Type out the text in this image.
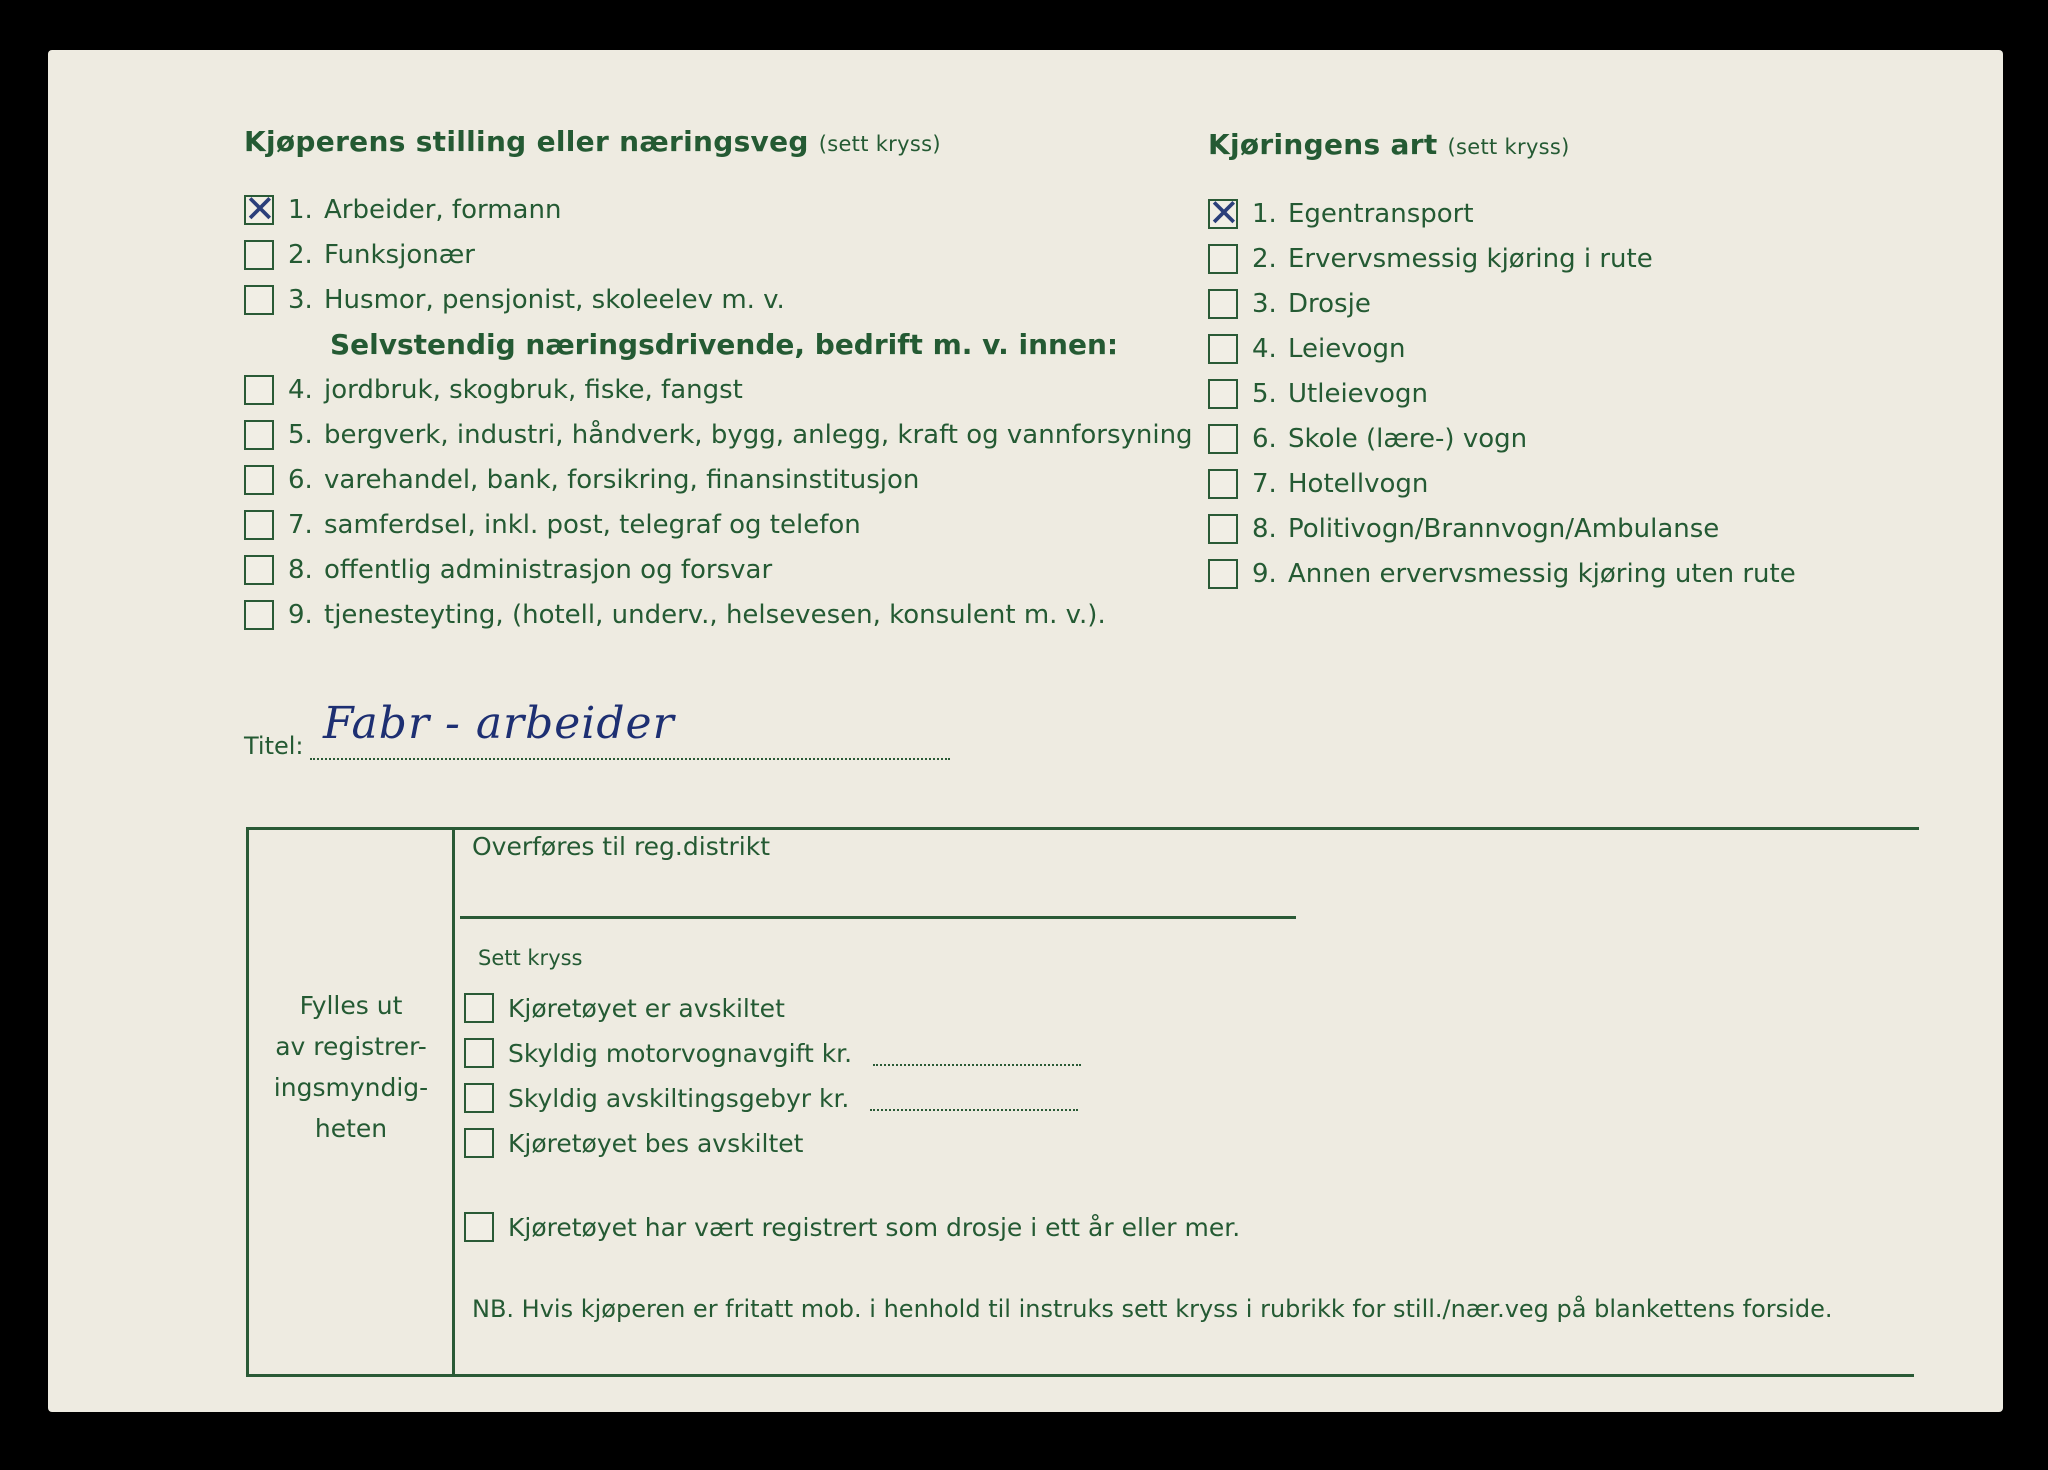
Kjøperens stilling eller næringsveg (sett kryss)
✕
1. Arbeider, formann
2. Funksjonær
3. Husmor, pensjonist, skoleelev m. v.
Selvstendig næringsdrivende, bedrift m. v. innen:
4. jordbruk, skogbruk, fiske, fangst
5. bergverk, industri, håndverk, bygg, anlegg, kraft og vannforsyning
6. varehandel, bank, forsikring, finansinstitusjon
7. samferdsel, inkl. post, telegraf og telefon
8. offentlig administrasjon og forsvar
9. tjenesteyting, (hotell, underv., helsevesen, konsulent m. v.).
Kjøringens art (sett kryss)
✕
1. Egentransport
2. Ervervsmessig kjøring i rute
3. Drosje
4. Leievogn
5. Utleievogn
6. Skole (lære-) vogn
7. Hotellvogn
8. Politivogn/Brannvogn/Ambulanse
9. Annen ervervsmessig kjøring uten rute
Titel: Fabr - arbeider
Fylles ut
av registrer-
ingsmyndig-
heten
Overføres til reg.distrikt
Sett kryss
Kjøretøyet er avskiltet
Skyldig motorvognavgift kr.
Skyldig avskiltingsgebyr kr.
Kjøretøyet bes avskiltet
Kjøretøyet har vært registrert som drosje i ett år eller mer.
NB. Hvis kjøperen er fritatt mob. i henhold til instruks sett kryss i rubrikk for still./nær.veg på blankettens forside.
